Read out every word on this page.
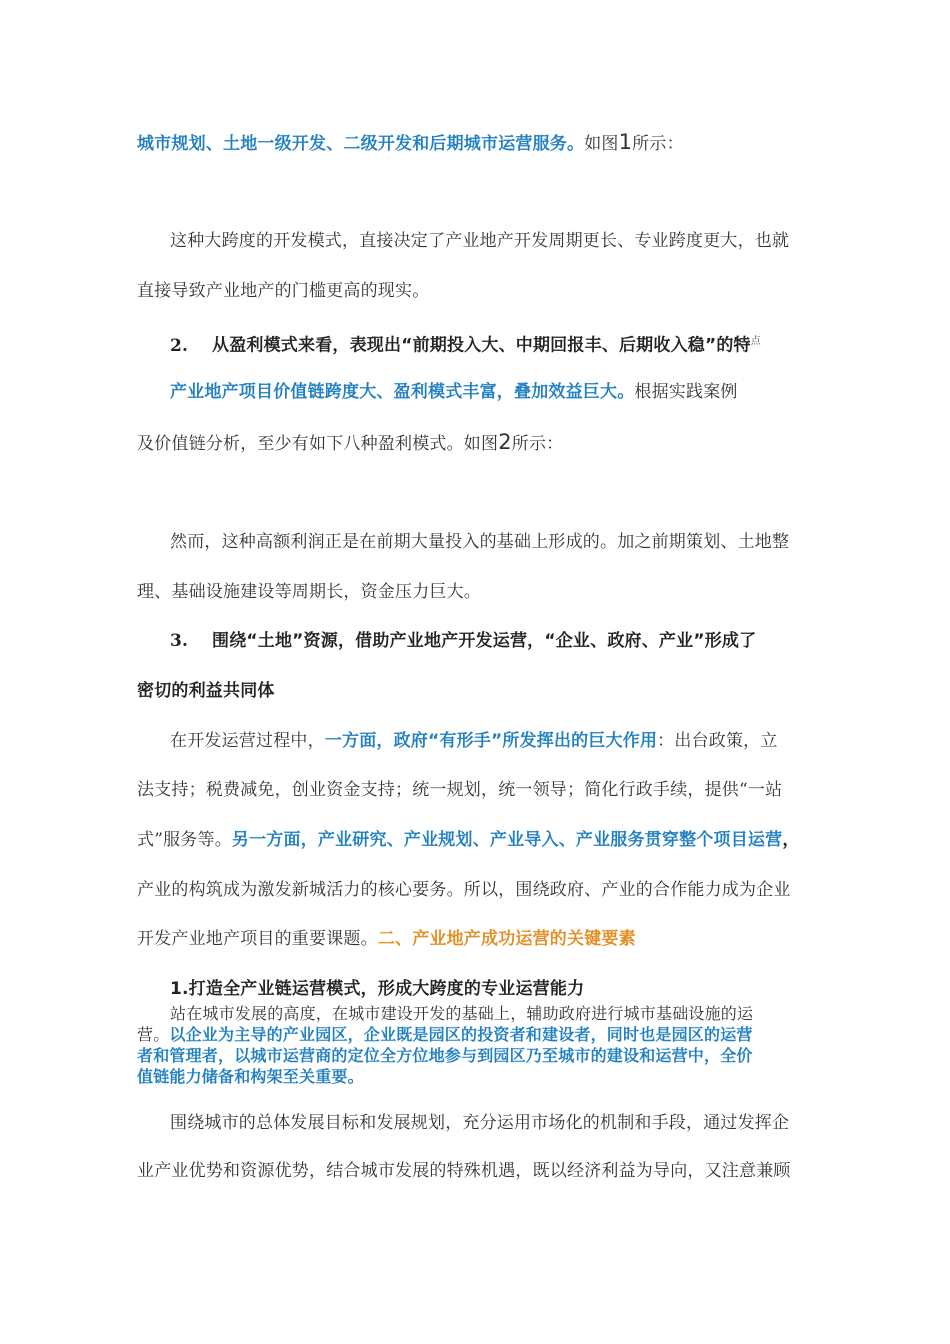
城市规划、土地一级开发、二级开发和后期城市运营服务。如图1所示：
这种大跨度的开发模式，直接决定了产业地产开发周期更长、专业跨度更大，也就
直接导致产业地产的门槛更高的现实。
2. 从盈利模式来看，表现出“前期投入大、中期回报丰、后期收入稳”的特$^点$
产业地产项目价值链跨度大、盈利模式丰富，叠加效益巨大。根据实践案例
及价值链分析，至少有如下八种盈利模式。如图2所示：
然而，这种高额利润正是在前期大量投入的基础上形成的。加之前期策划、土地整
理、基础设施建设等周期长，资金压力巨大。
3. 围绕“土地”资源，借助产业地产开发运营，“企业、政府、产业”形成了
密切的利益共同体
在开发运营过程中，一方面，政府“有形手”所发挥出的巨大作用：出台政策，立
法支持；税费减免，创业资金支持；统一规划，统一领导；简化行政手续，提供“一站
式”服务等。另一方面，产业研究、产业规划、产业导入、产业服务贯穿整个项目运营，
产业的构筑成为激发新城活力的核心要务。所以，围绕政府、产业的合作能力成为企业
开发产业地产项目的重要课题。二、产业地产成功运营的关键要素
1.打造全产业链运营模式，形成大跨度的专业运营能力
站在城市发展的高度，在城市建设开发的基础上，辅助政府进行城市基础设施的运
营。以企业为主导的产业园区，企业既是园区的投资者和建设者，同时也是园区的运营
者和管理者，以城市运营商的定位全方位地参与到园区乃至城市的建设和运营中，全价
值链能力储备和构架至关重要。
围绕城市的总体发展目标和发展规划，充分运用市场化的机制和手段，通过发挥企
业产业优势和资源优势，结合城市发展的特殊机遇，既以经济利益为导向，又注意兼顾
